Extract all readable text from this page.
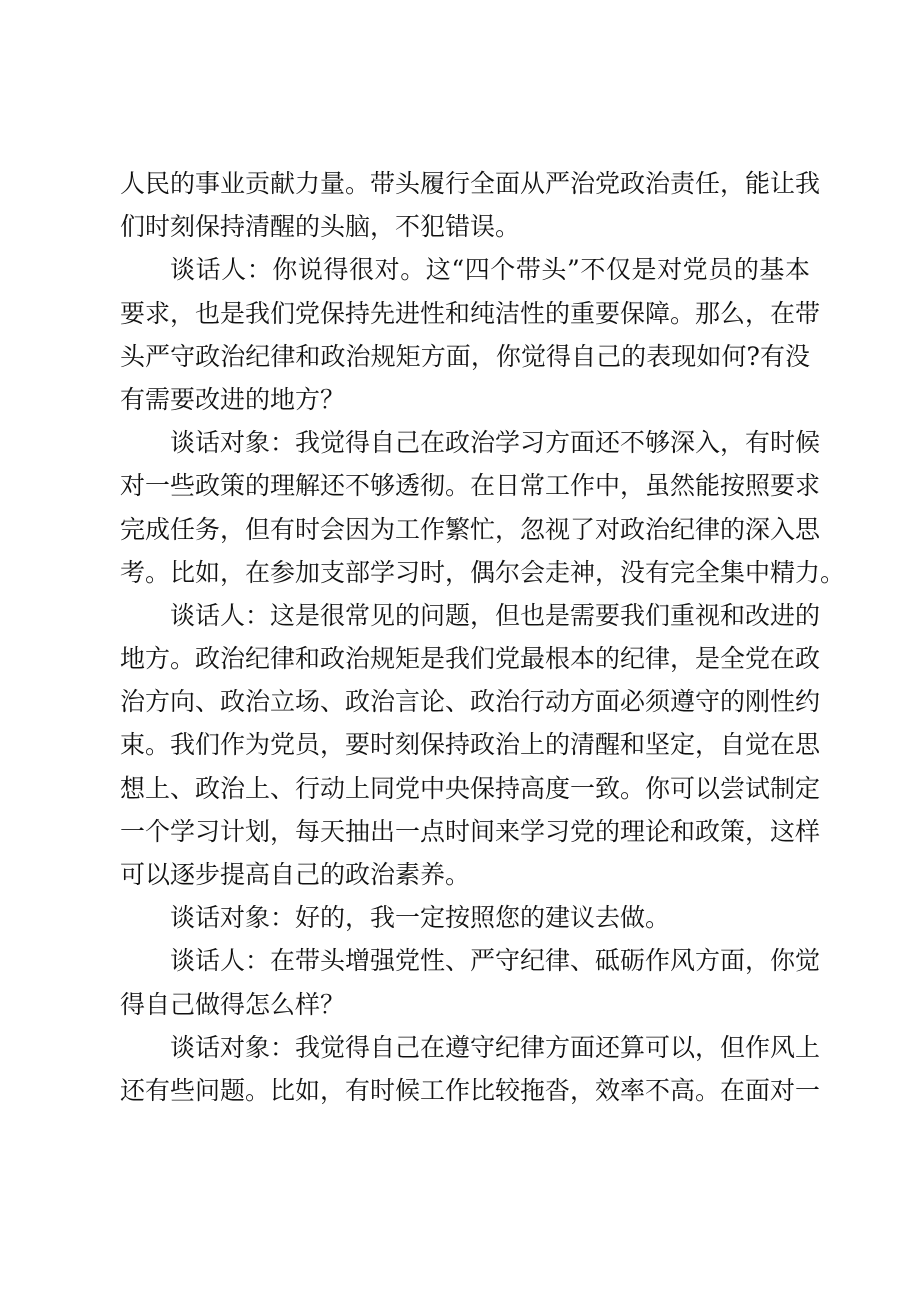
人民的事业贡献力量。带头履行全面从严治党政治责任，能让我
们时刻保持清醒的头脑，不犯错误。
谈话人：你说得很对。这“四个带头”不仅是对党员的基本
要求，也是我们党保持先进性和纯洁性的重要保障。那么，在带
头严守政治纪律和政治规矩方面，你觉得自己的表现如何?有没
有需要改进的地方？
谈话对象：我觉得自己在政治学习方面还不够深入，有时候
对一些政策的理解还不够透彻。在日常工作中，虽然能按照要求
完成任务，但有时会因为工作繁忙，忽视了对政治纪律的深入思
考。比如，在参加支部学习时，偶尔会走神，没有完全集中精力。
谈话人：这是很常见的问题，但也是需要我们重视和改进的
地方。政治纪律和政治规矩是我们党最根本的纪律，是全党在政
治方向、政治立场、政治言论、政治行动方面必须遵守的刚性约
束。我们作为党员，要时刻保持政治上的清醒和坚定，自觉在思
想上、政治上、行动上同党中央保持高度一致。你可以尝试制定
一个学习计划，每天抽出一点时间来学习党的理论和政策，这样
可以逐步提高自己的政治素养。
谈话对象：好的，我一定按照您的建议去做。
谈话人：在带头增强党性、严守纪律、砥砺作风方面，你觉
得自己做得怎么样？
谈话对象：我觉得自己在遵守纪律方面还算可以，但作风上
还有些问题。比如，有时候工作比较拖沓，效率不高。在面对一
